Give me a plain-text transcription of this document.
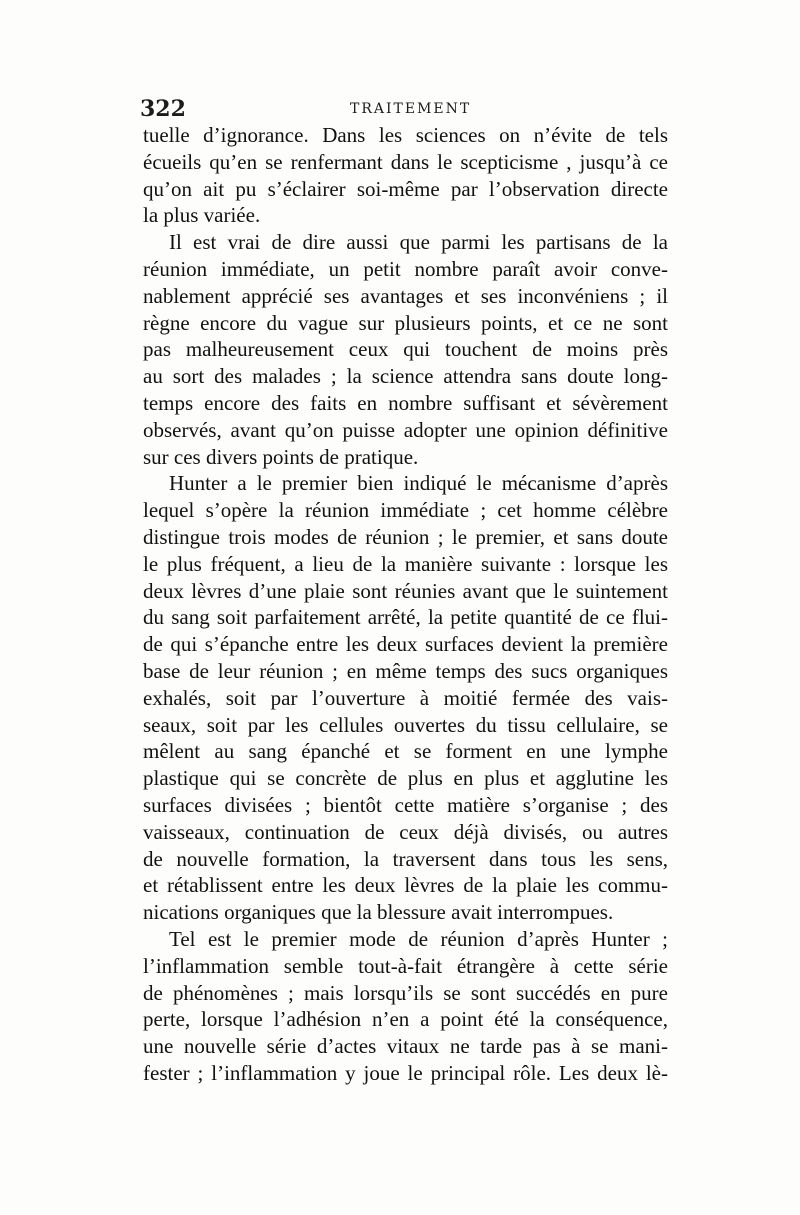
322	TRAITEMENT
tuelle d’ignorance. Dans les sciences on n’évite de tels
écueils qu’en se renfermant dans le scepticisme , jusqu’à ce
qu’on ait pu s’éclairer soi-même par l’observation directe
la plus variée.
Il est vrai de dire aussi que parmi les partisans de la
réunion immédiate, un petit nombre paraît avoir conve-
nablement apprécié ses avantages et ses inconvéniens ; il
règne encore du vague sur plusieurs points, et ce ne sont
pas malheureusement ceux qui touchent de moins près
au sort des malades ; la science attendra sans doute long-
temps encore des faits en nombre suffisant et sévèrement
observés, avant qu’on puisse adopter une opinion définitive
sur ces divers points de pratique.
Hunter a le premier bien indiqué le mécanisme d’après
lequel s’opère la réunion immédiate ; cet homme célèbre
distingue trois modes de réunion ; le premier, et sans doute
le plus fréquent, a lieu de la manière suivante : lorsque les
deux lèvres d’une plaie sont réunies avant que le suintement
du sang soit parfaitement arrêté, la petite quantité de ce flui-
de qui s’épanche entre les deux surfaces devient la première
base de leur réunion ; en même temps des sucs organiques
exhalés, soit par l’ouverture à moitié fermée des vais-
seaux, soit par les cellules ouvertes du tissu cellulaire, se
mêlent au sang épanché et se forment en une lymphe
plastique qui se concrète de plus en plus et agglutine les
surfaces divisées ; bientôt cette matière s’organise ; des
vaisseaux, continuation de ceux déjà divisés, ou autres
de nouvelle formation, la traversent dans tous les sens,
et rétablissent entre les deux lèvres de la plaie les commu-
nications organiques que la blessure avait interrompues.
Tel est le premier mode de réunion d’après Hunter ;
l’inflammation semble tout-à-fait étrangère à cette série
de phénomènes ; mais lorsqu’ils se sont succédés en pure
perte, lorsque l’adhésion n’en a point été la conséquence,
une nouvelle série d’actes vitaux ne tarde pas à se mani-
fester ; l’inflammation y joue le principal rôle. Les deux lè-
